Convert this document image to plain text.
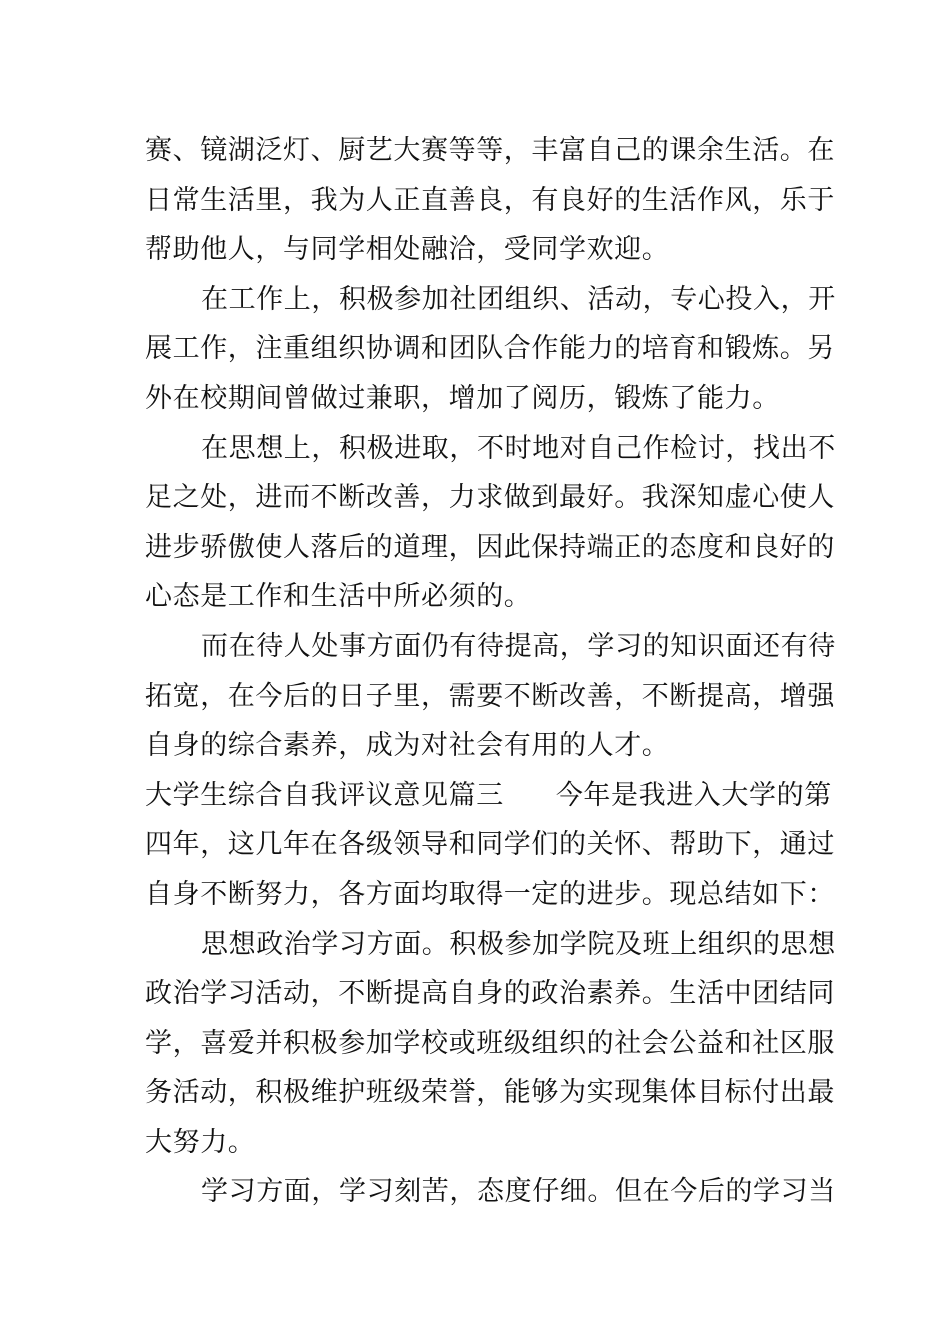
赛、镜湖泛灯、厨艺大赛等等，丰富自己的课余生活。在
日常生活里，我为人正直善良，有良好的生活作风，乐于
帮助他人，与同学相处融洽，受同学欢迎。
在工作上，积极参加社团组织、活动，专心投入，开
展工作，注重组织协调和团队合作能力的培育和锻炼。另
外在校期间曾做过兼职，增加了阅历，锻炼了能力。
在思想上，积极进取，不时地对自己作检讨，找出不
足之处，进而不断改善，力求做到最好。我深知虚心使人
进步骄傲使人落后的道理，因此保持端正的态度和良好的
心态是工作和生活中所必须的。
而在待人处事方面仍有待提高，学习的知识面还有待
拓宽，在今后的日子里，需要不断改善，不断提高，增强
自身的综合素养，成为对社会有用的人才。
大学生综合自我评议意见篇三 今年是我进入大学的第
四年，这几年在各级领导和同学们的关怀、帮助下，通过
自身不断努力，各方面均取得一定的进步。现总结如下：
思想政治学习方面。积极参加学院及班上组织的思想
政治学习活动，不断提高自身的政治素养。生活中团结同
学，喜爱并积极参加学校或班级组织的社会公益和社区服
务活动，积极维护班级荣誉，能够为实现集体目标付出最
大努力。
学习方面，学习刻苦，态度仔细。但在今后的学习当
